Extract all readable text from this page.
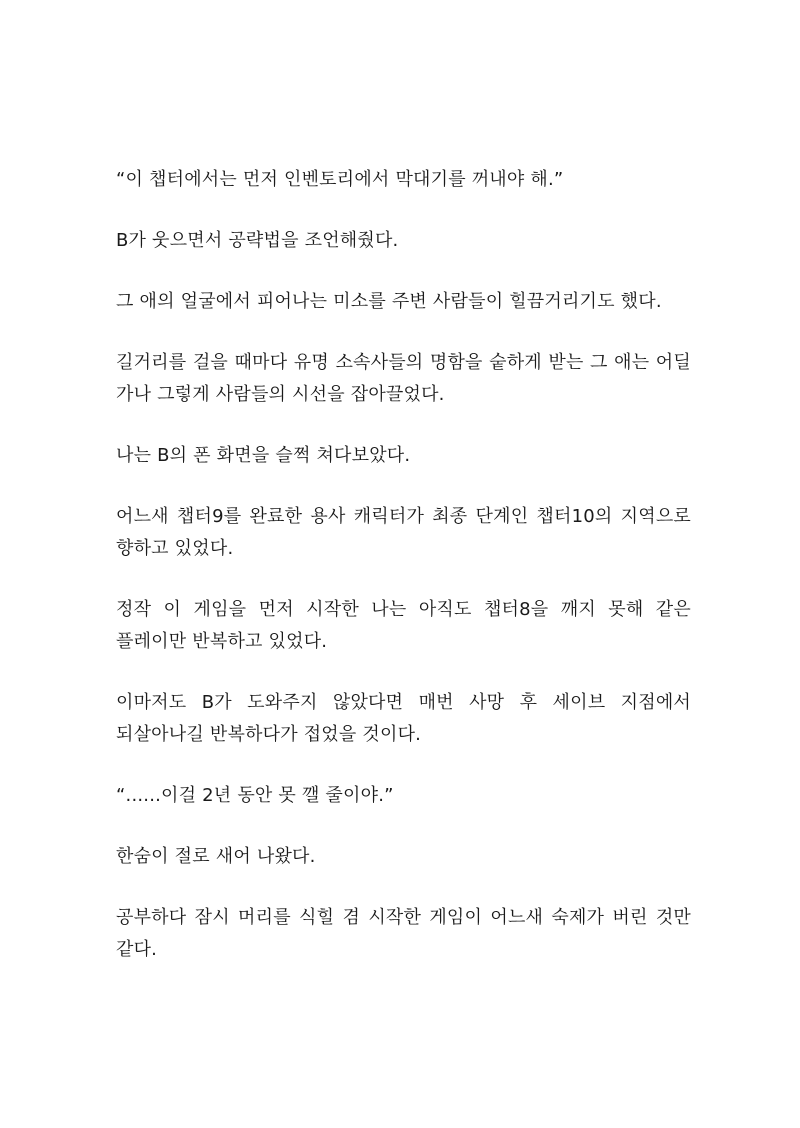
“이 챕터에서는 먼저 인벤토리에서 막대기를 꺼내야 해.”

B가 웃으면서 공략법을 조언해줬다.

그 애의 얼굴에서 피어나는 미소를 주변 사람들이 힐끔거리기도 했다.

길거리를 걸을 때마다 유명 소속사들의 명함을 숱하게 받는 그 애는 어딜 가나 그렇게 사람들의 시선을 잡아끌었다.

나는 B의 폰 화면을 슬쩍 쳐다보았다.

어느새 챕터9를 완료한 용사 캐릭터가 최종 단계인 챕터10의 지역으로 향하고 있었다.

정작 이 게임을 먼저 시작한 나는 아직도 챕터8을 깨지 못해 같은 플레이만 반복하고 있었다.

이마저도 B가 도와주지 않았다면 매번 사망 후 세이브 지점에서 되살아나길 반복하다가 접었을 것이다.

“......이걸 2년 동안 못 깰 줄이야.”

한숨이 절로 새어 나왔다.

공부하다 잠시 머리를 식힐 겸 시작한 게임이 어느새 숙제가 버린 것만 같다.
